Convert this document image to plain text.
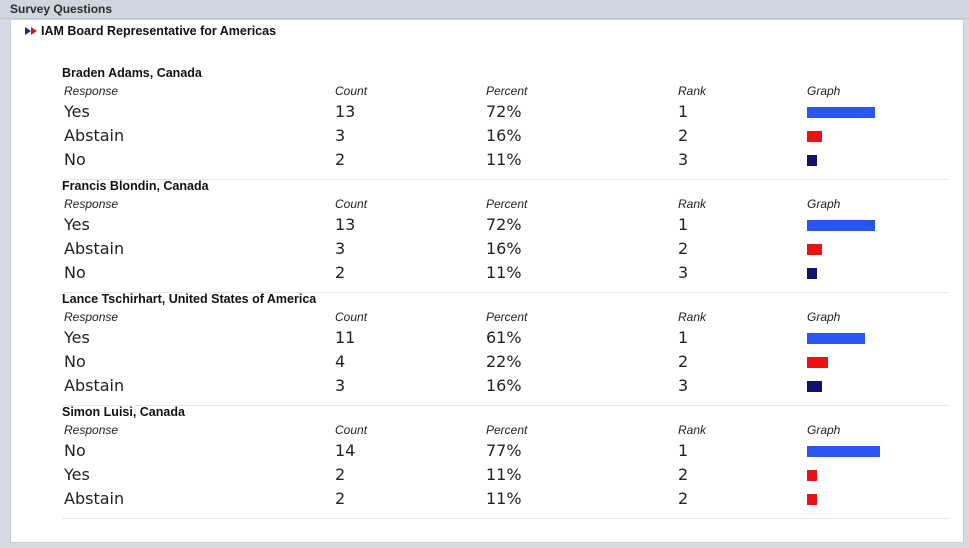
Survey Questions
IAM Board Representative for Americas
Braden Adams, Canada
Response	Count	Percent	Rank	Graph
Yes	13	72%	1
Abstain	3	16%	2
No	2	11%	3
Francis Blondin, Canada
Response	Count	Percent	Rank	Graph
Yes	13	72%	1
Abstain	3	16%	2
No	2	11%	3
Lance Tschirhart, United States of America
Response	Count	Percent	Rank	Graph
Yes	11	61%	1
No	4	22%	2
Abstain	3	16%	3
Simon Luisi, Canada
Response	Count	Percent	Rank	Graph
No	14	77%	1
Yes	2	11%	2
Abstain	2	11%	2
